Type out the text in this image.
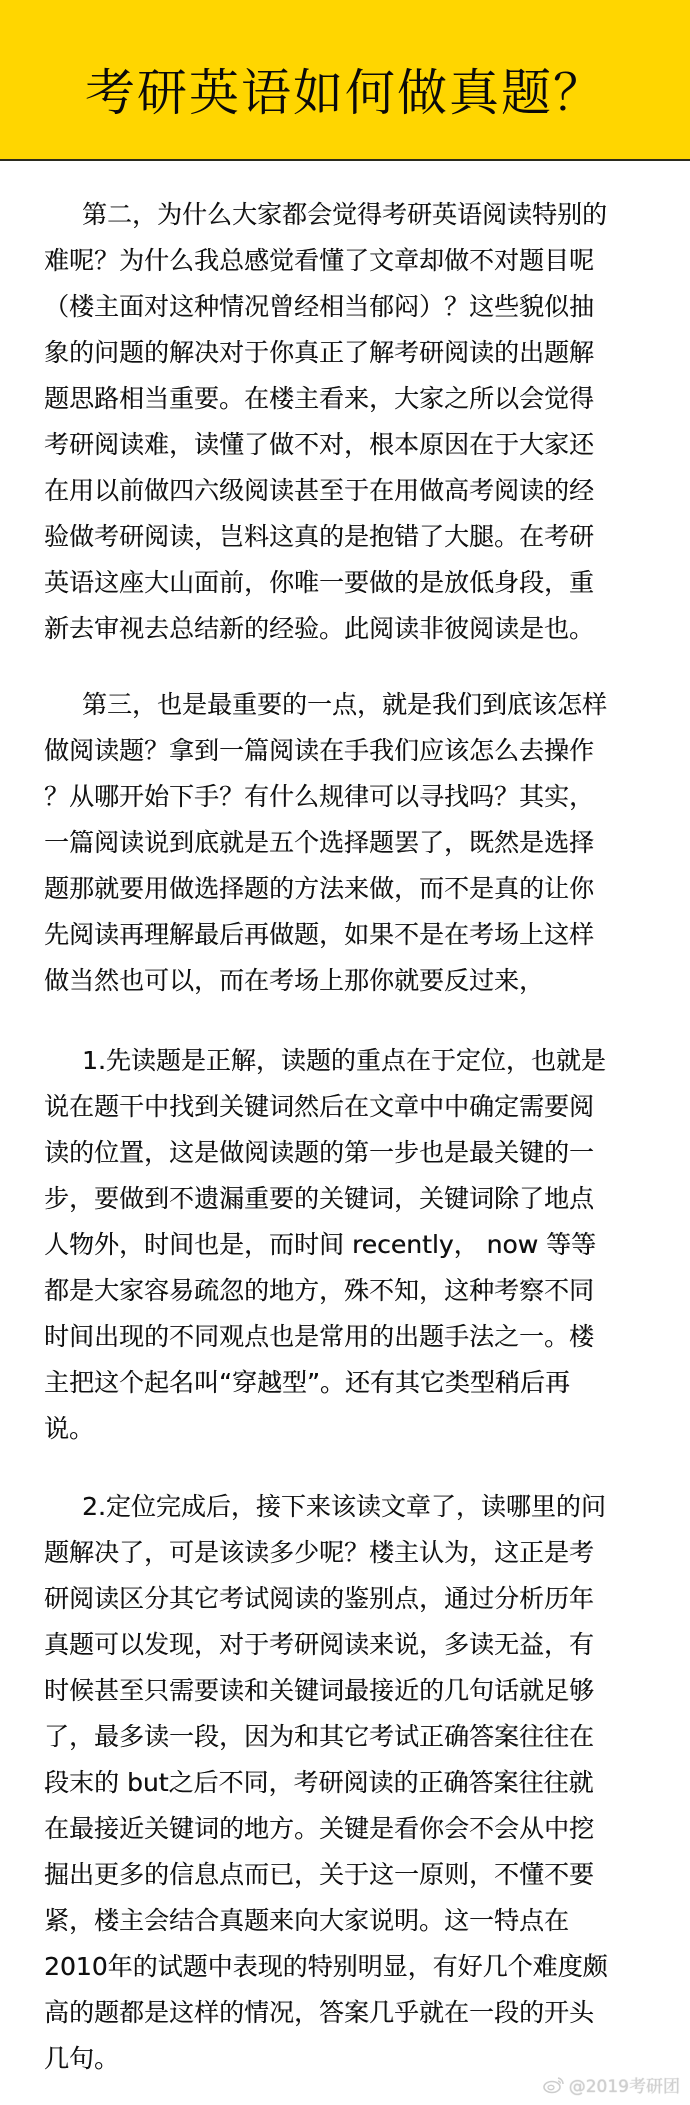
考研英语如何做真题？
第二，为什么大家都会觉得考研英语阅读特别的
难呢？为什么我总感觉看懂了文章却做不对题目呢
（楼主面对这种情况曾经相当郁闷）？这些貌似抽
象的问题的解决对于你真正了解考研阅读的出题解
题思路相当重要。在楼主看来，大家之所以会觉得
考研阅读难，读懂了做不对，根本原因在于大家还
在用以前做四六级阅读甚至于在用做高考阅读的经
验做考研阅读，岂料这真的是抱错了大腿。在考研
英语这座大山面前，你唯一要做的是放低身段，重
新去审视去总结新的经验。此阅读非彼阅读是也。
第三，也是最重要的一点，就是我们到底该怎样
做阅读题？拿到一篇阅读在手我们应该怎么去操作
？从哪开始下手？有什么规律可以寻找吗？其实，
一篇阅读说到底就是五个选择题罢了，既然是选择
题那就要用做选择题的方法来做，而不是真的让你
先阅读再理解最后再做题，如果不是在考场上这样
做当然也可以，而在考场上那你就要反过来，
1.先读题是正解，读题的重点在于定位，也就是
说在题干中找到关键词然后在文章中中确定需要阅
读的位置，这是做阅读题的第一步也是最关键的一
步，要做到不遗漏重要的关键词，关键词除了地点
人物外，时间也是，而时间 recently， now 等等
都是大家容易疏忽的地方，殊不知，这种考察不同
时间出现的不同观点也是常用的出题手法之一。楼
主把这个起名叫“穿越型”。还有其它类型稍后再
说。
2.定位完成后，接下来该读文章了，读哪里的问
题解决了，可是该读多少呢？楼主认为，这正是考
研阅读区分其它考试阅读的鉴别点，通过分析历年
真题可以发现，对于考研阅读来说，多读无益，有
时候甚至只需要读和关键词最接近的几句话就足够
了，最多读一段，因为和其它考试正确答案往往在
段末的 but之后不同，考研阅读的正确答案往往就
在最接近关键词的地方。关键是看你会不会从中挖
掘出更多的信息点而已，关于这一原则，不懂不要
紧，楼主会结合真题来向大家说明。这一特点在
2010年的试题中表现的特别明显，有好几个难度颇
高的题都是这样的情况，答案几乎就在一段的开头
几句。
@2019考研团
